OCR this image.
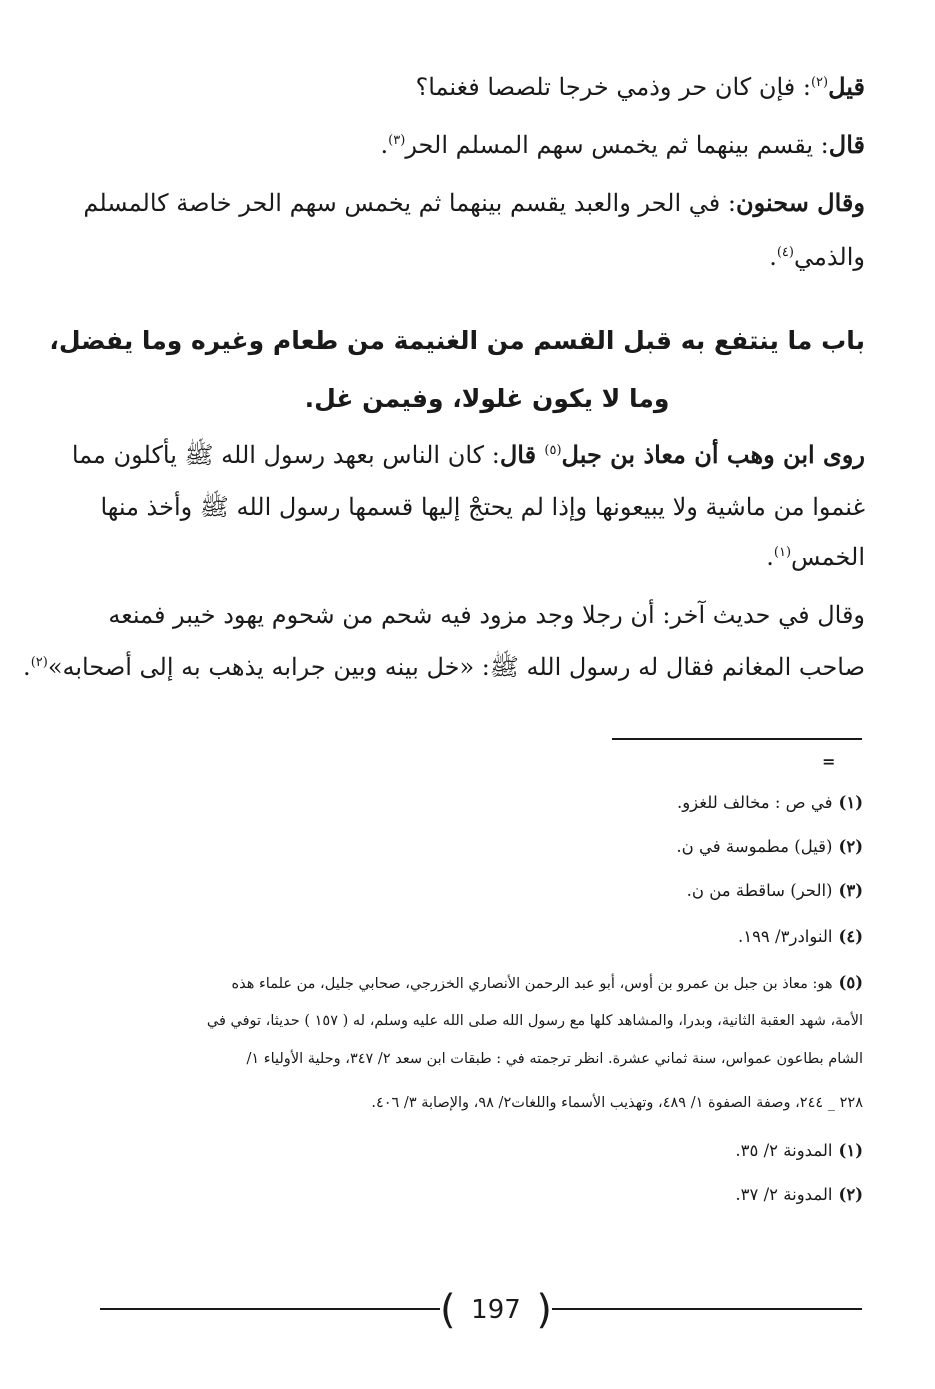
قيل$^{(٢)}$: فإن كان حر وذمي خرجا تلصصا فغنما؟
قال: يقسم بينهما ثم يخمس سهم المسلم الحر$^{(٣)}$.
وقال سحنون: في الحر والعبد يقسم بينهما ثم يخمس سهم الحر خاصة كالمسلم
والذمي$^{(٤)}$.
باب ما ينتفع به قبل القسم من الغنيمة من طعام وغيره وما يفضل،
وما لا يكون غلولا، وفيمن غل.
روى ابن وهب أن معاذ بن جبل$^{(٥)}$ قال: كان الناس بعهد رسول الله ﷺ يأكلون مما
غنموا من ماشية ولا يبيعونها وإذا لم يحتجْ إليها قسمها رسول الله ﷺ وأخذ منها
الخمس$^{(١)}$.
وقال في حديث آخر: أن رجلا وجد مزود فيه شحم من شحوم يهود خيبر فمنعه
صاحب المغانم فقال له رسول الله ﷺ: «خل بينه وبين جرابه يذهب به إلى أصحابه»$^{(٢)}$.
=
(١)في ص : مخالف للغزو.
(٢)(قيل) مطموسة في ن.
(٣)(الحر) ساقطة من ن.
(٤)النوادر٣/ ١٩٩.
(٥)هو: معاذ بن جبل بن عمرو بن أوس، أبو عبد الرحمن الأنصاري الخزرجي، صحابي جليل، من علماء هذه
الأمة، شهد العقبة الثانية، وبدرا، والمشاهد كلها مع رسول الله صلى الله عليه وسلم، له ( ١٥٧ ) حديثا، توفي في
الشام بطاعون عمواس، سنة ثماني عشرة. انظر ترجمته في : طبقات ابن سعد ٢/ ٣٤٧، وحلية الأولياء ١/
٢٢٨ _ ٢٤٤، وصفة الصفوة ١/ ٤٨٩، وتهذيب الأسماء واللغات٢/ ٩٨، والإصابة ٣/ ٤٠٦.
(١)المدونة ٢/ ٣٥.
(٢)المدونة ٢/ ٣٧.
( 197 )
